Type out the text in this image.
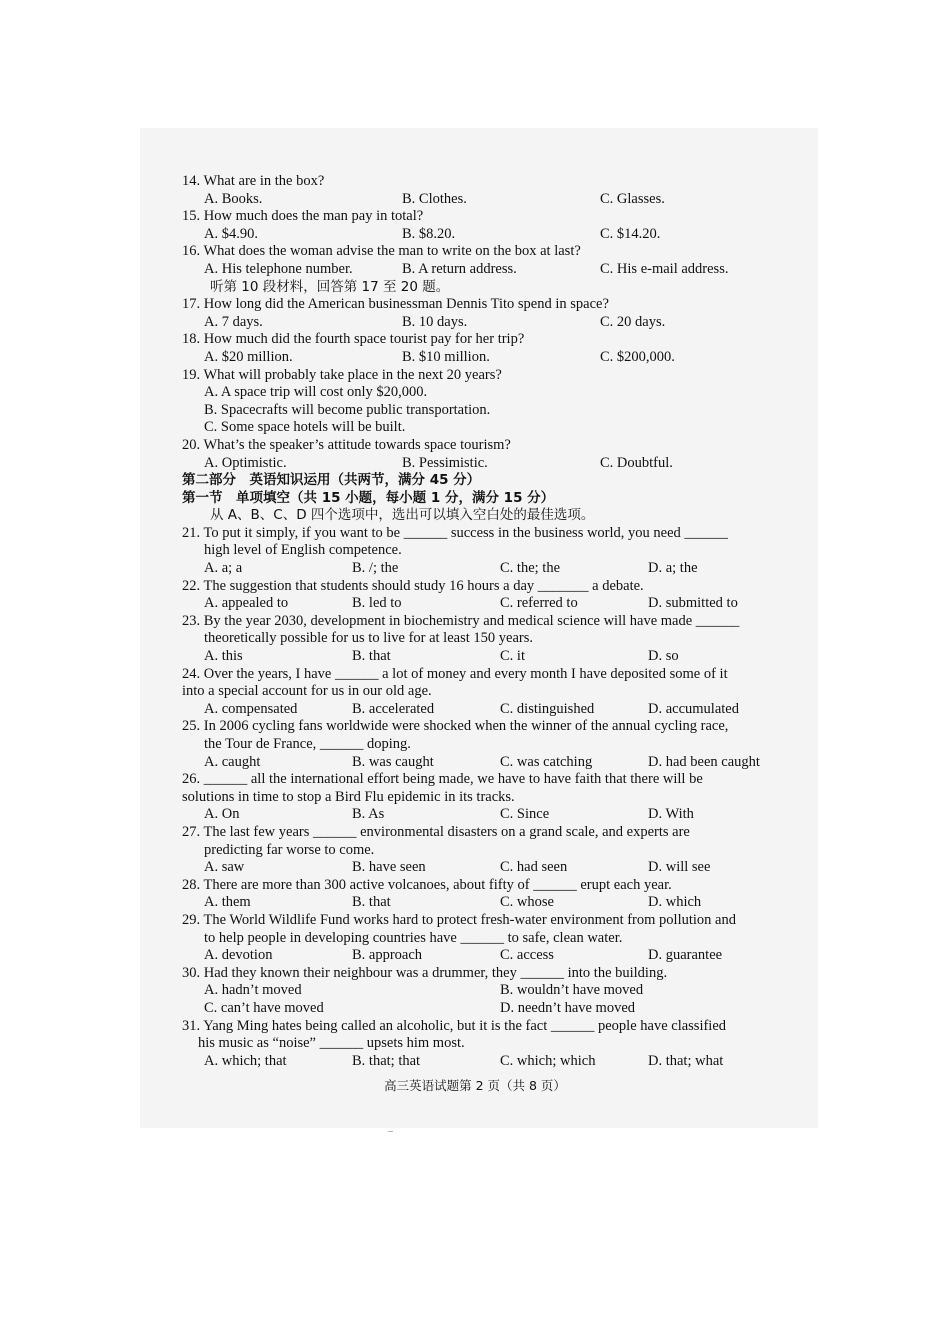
14. What are in the box?
A. Books.	B. Clothes.	C. Glasses.
15. How much does the man pay in total?
A. $4.90.	B. $8.20.	C. $14.20.
16. What does the woman advise the man to write on the box at last?
A. His telephone number.	B. A return address.	C. His e-mail address.
听第 10 段材料，回答第 17 至 20 题。
17. How long did the American businessman Dennis Tito spend in space?
A. 7 days.	B. 10 days.	C. 20 days.
18. How much did the fourth space tourist pay for her trip?
A. $20 million.	B. $10 million.	C. $200,000.
19. What will probably take place in the next 20 years?
A. A space trip will cost only $20,000.
B. Spacecrafts will become public transportation.
C. Some space hotels will be built.
20. What’s the speaker’s attitude towards space tourism?
A. Optimistic.	B. Pessimistic.	C. Doubtful.
第二部分　英语知识运用（共两节，满分 45 分）
第一节　单项填空（共 15 小题，每小题 1 分，满分 15 分）
从 A、B、C、D 四个选项中，选出可以填入空白处的最佳选项。
21. To put it simply, if you want to be ______ success in the business world, you need ______
high level of English competence.
A. a; a	B. /; the	C. the; the	D. a; the
22. The suggestion that students should study 16 hours a day _______ a debate.
A. appealed to	B. led to	C. referred to	D. submitted to
23. By the year 2030, development in biochemistry and medical science will have made ______
theoretically possible for us to live for at least 150 years.
A. this	B. that	C. it	D. so
24. Over the years, I have ______ a lot of money and every month I have deposited some of it
into a special account for us in our old age.
A. compensated	B. accelerated	C. distinguished	D. accumulated
25. In 2006 cycling fans worldwide were shocked when the winner of the annual cycling race,
the Tour de France, ______ doping.
A. caught	B. was caught	C. was catching	D. had been caught
26. ______ all the international effort being made, we have to have faith that there will be
solutions in time to stop a Bird Flu epidemic in its tracks.
A. On	B. As	C. Since	D. With
27. The last few years ______ environmental disasters on a grand scale, and experts are
predicting far worse to come.
A. saw	B. have seen	C. had seen	D. will see
28. There are more than 300 active volcanoes, about fifty of ______ erupt each year.
A. them	B. that	C. whose	D. which
29. The World Wildlife Fund works hard to protect fresh-water environment from pollution and
to help people in developing countries have ______ to safe, clean water.
A. devotion	B. approach	C. access	D. guarantee
30. Had they known their neighbour was a drummer, they ______ into the building.
A. hadn’t moved	B. wouldn’t have moved
C. can’t have moved	D. needn’t have moved
31. Yang Ming hates being called an alcoholic, but it is the fact ______ people have classified
his music as “noise” ______ upsets him most.
A. which; that	B. that; that	C. which; which	D. that; what
高三英语试题第 2 页（共 8 页）
–
